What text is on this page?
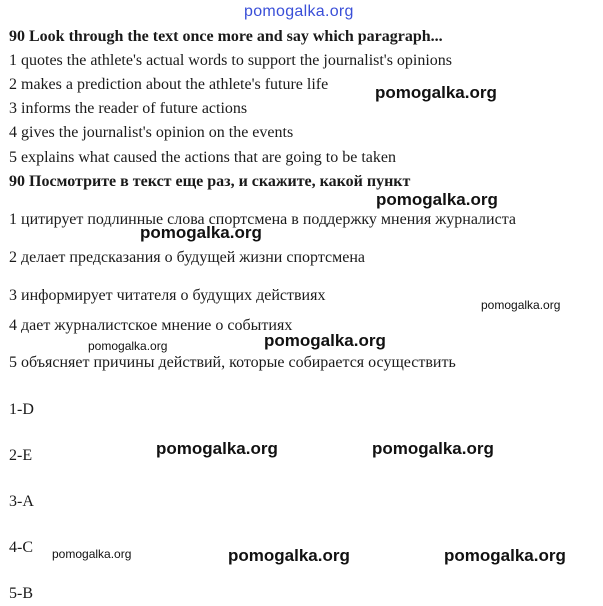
pomogalka.org
90 Look through the text once more and say which paragraph...
1 quotes the athlete's actual words to support the journalist's opinions
2 makes a prediction about the athlete's future life
3 informs the reader of future actions
4 gives the journalist's opinion on the events
5 explains what caused the actions that are going to be taken
90 Посмотрите в текст еще раз, и скажите, какой пункт
1 цитирует подлинные слова спортсмена в поддержку мнения журналиста
2 делает предсказания о будущей жизни спортсмена
3 информирует читателя о будущих действиях
4 дает журналистское мнение о событиях
5 объясняет причины действий, которые собирается осуществить
1-D
2-E
3-A
4-C
5-B
pomogalka.org
pomogalka.org
pomogalka.org
pomogalka.org
pomogalka.org
pomogalka.org
pomogalka.org	pomogalka.org
pomogalka.org	pomogalka.org	pomogalka.org
